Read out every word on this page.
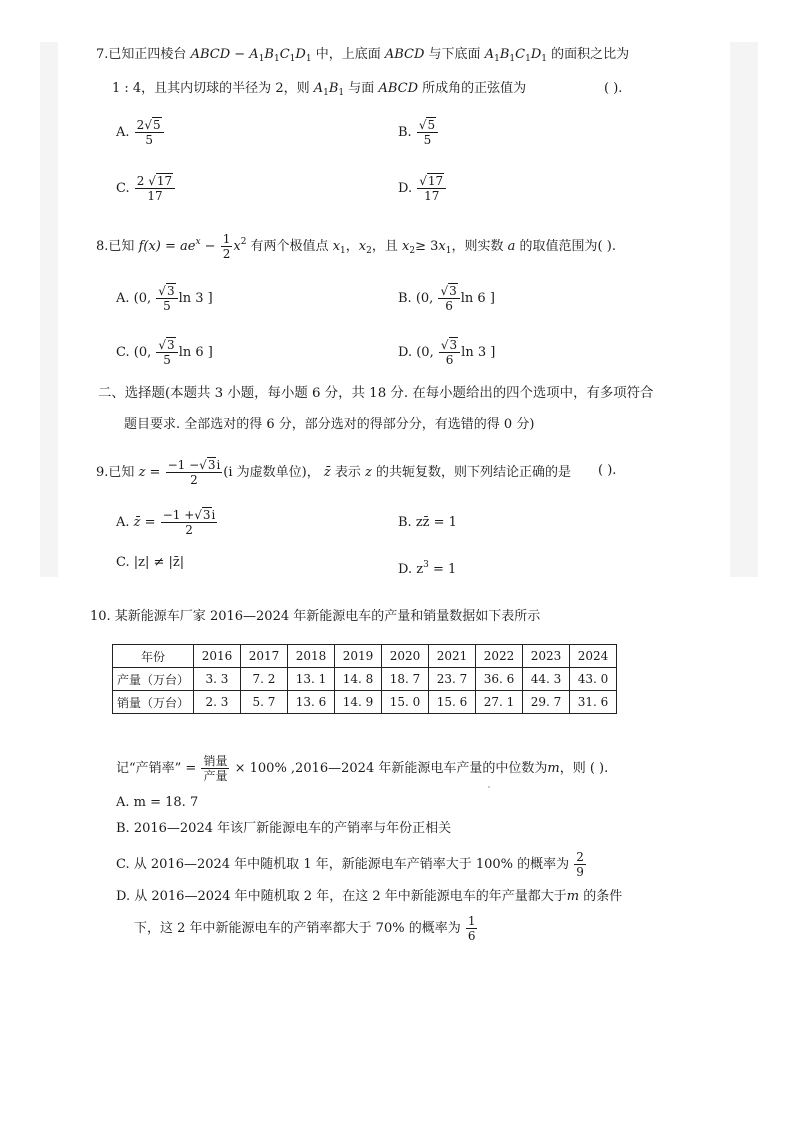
7.已知正四棱台 ABCD − $A_1B_1C_1D_1$ 中，上底面 ABCD 与下底面 $A_1B_1C_1D_1$ 的面积之比为
1 : 4，且其内切球的半径为 2，则 $A_1B_1$ 与面 ABCD 所成角的正弦值为	( ).
A. $\frac{2√5}{5}$	B. $\frac{√5}{5}$
C. $\frac{2 √17}{17}$	D. $\frac{√17}{17}$
8.已知 $f(x) = ae^x - \frac{1}{2} x^2$ 有两个极值点 $x_1$，$x_2$，且 $x_2\ge 3x_1$，则实数 a 的取值范围为( ).
A. (0, $\frac{√3}{5}$ ln 3 ]	B. (0, $\frac{√3}{6}$ ln 6 ]
C. (0, $\frac{√3}{5}$ ln 6 ]	D. (0, $\frac{√3}{6}$ ln 3 ]
二、选择题(本题共 3 小题，每小题 6 分，共 18 分. 在每小题给出的四个选项中，有多项符合
题目要求. 全部选对的得 6 分，部分选对的得部分分，有选错的得 0 分)
9.已知 $z = \frac{-1 -√3i}{2} (i$ 为虚数单位)， z̄ 表示 z 的共轭复数，则下列结论正确的是 ( ).
A. z̄ = $\frac{-1 +√3i}{2}$	B. zz̄ = 1
C. |z| ≠ |z̄|	D. $z^3 = 1$
10. 某新能源车厂家 2016—2024 年新能源电车的产量和销量数据如下表所示
年份	2016	2017	2018	2019	2020	2021	2022	2023	2024
产量（万台）	3. 3	7. 2	13. 1	14. 8	18. 7	23. 7	36. 6	44. 3	43. 0
销量（万台）	2. 3	5. 7	13. 6	14. 9	15. 0	15. 6	27. 1	29. 7	31. 6
记“产销率” = $\frac{\text{销量}}{\text{产量}} \times 100\%$ ,2016—2024 年新能源电车产量的中位数为m，则 ( ).
A. m = 18. 7
B. 2016—2024 年该厂新能源电车的产销率与年份正相关
C. 从 2016—2024 年中随机取 1 年，新能源电车产销率大于 100% 的概率为 $\frac{2}{9}$
D. 从 2016—2024 年中随机取 2 年，在这 2 年中新能源电车的年产量都大于m 的条件
下，这 2 年中新能源电车的产销率都大于 70% 的概率为 $\frac{1}{6}$
